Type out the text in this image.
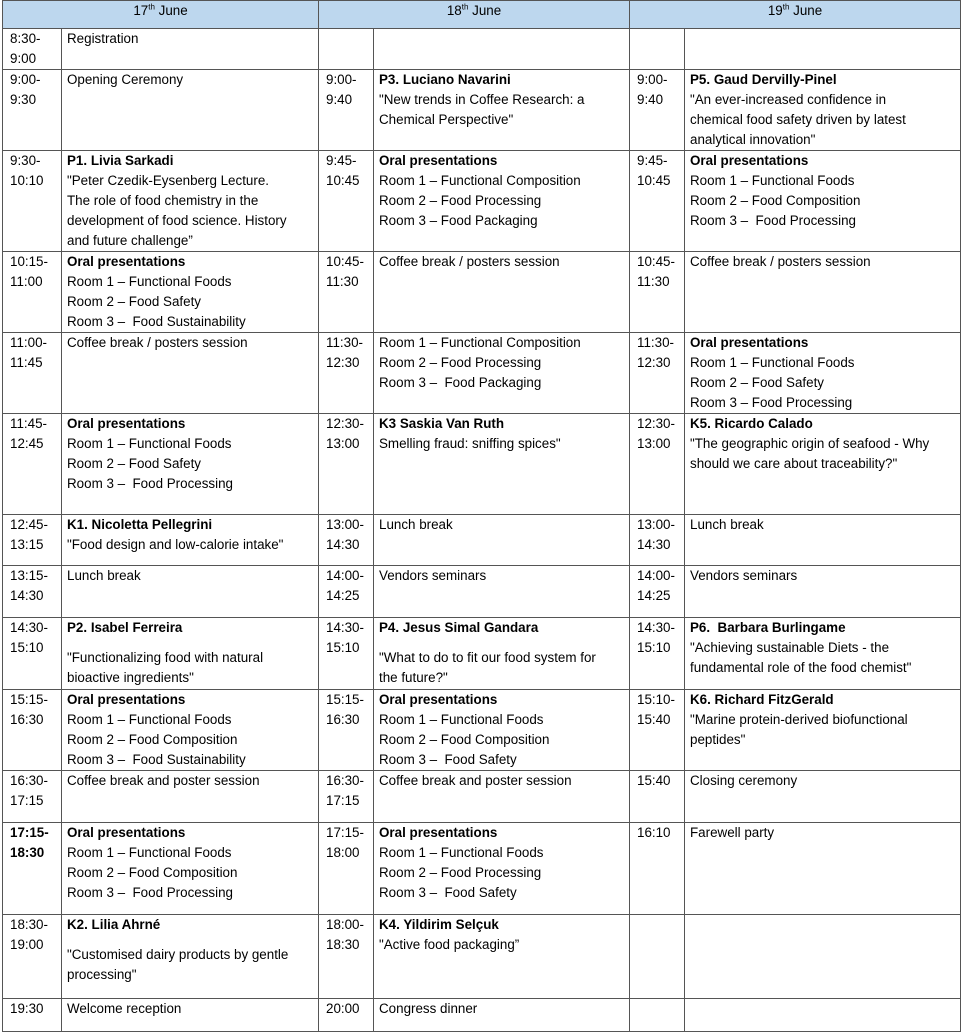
17th June		18th June		19th June	

8:30-
9:00	Registration				

9:00-
9:30	Opening Ceremony	9:00-
9:40	P3. Luciano Navarini
"New trends in Coffee Research: a
Chemical Perspective"	9:00-
9:40	P5. Gaud Dervilly-Pinel
"An ever-increased confidence in
chemical food safety driven by latest
analytical innovation"

9:30-
10:10	P1. Livia Sarkadi
"Peter Czedik-Eysenberg Lecture.
The role of food chemistry in the
development of food science. History
and future challenge”	9:45-
10:45	Oral presentations
Room 1 – Functional Composition
Room 2 – Food Processing
Room 3 – Food Packaging	9:45-
10:45	Oral presentations
Room 1 – Functional Foods
Room 2 – Food Composition
Room 3 –  Food Processing

10:15-
11:00	Oral presentations
Room 1 – Functional Foods
Room 2 – Food Safety
Room 3 –  Food Sustainability	10:45-
11:30	Coffee break / posters session	10:45-
11:30	Coffee break / posters session

11:00-
11:45	Coffee break / posters session	11:30-
12:30	Room 1 – Functional Composition
Room 2 – Food Processing
Room 3 –  Food Packaging	11:30-
12:30	Oral presentations
Room 1 – Functional Foods
Room 2 – Food Safety
Room 3 – Food Processing

11:45-
12:45	Oral presentations
Room 1 – Functional Foods
Room 2 – Food Safety
Room 3 –  Food Processing	12:30-
13:00	K3 Saskia Van Ruth
Smelling fraud: sniffing spices"	12:30-
13:00	K5. Ricardo Calado
"The geographic origin of seafood - Why
should we care about traceability?"

12:45-
13:15	K1. Nicoletta Pellegrini
"Food design and low-calorie intake"	13:00-
14:30	Lunch break	13:00-
14:30	Lunch break

13:15-
14:30	Lunch break	14:00-
14:25	Vendors seminars	14:00-
14:25	Vendors seminars

14:30-
15:10	P2. Isabel Ferreira
"Functionalizing food with natural
bioactive ingredients"	14:30-
15:10	P4. Jesus Simal Gandara
"What to do to fit our food system for
the future?"	14:30-
15:10	P6.  Barbara Burlingame
"Achieving sustainable Diets - the
fundamental role of the food chemist"

15:15-
16:30	Oral presentations
Room 1 – Functional Foods
Room 2 – Food Composition
Room 3 –  Food Sustainability	15:15-
16:30	Oral presentations
Room 1 – Functional Foods
Room 2 – Food Composition
Room 3 –  Food Safety	15:10-
15:40	K6. Richard FitzGerald
"Marine protein-derived biofunctional
peptides"

16:30-
17:15	Coffee break and poster session	16:30-
17:15	Coffee break and poster session	15:40	Closing ceremony

17:15-
18:30	Oral presentations
Room 1 – Functional Foods
Room 2 – Food Composition
Room 3 –  Food Processing	17:15-
18:00	Oral presentations
Room 1 – Functional Foods
Room 2 – Food Processing
Room 3 –  Food Safety	16:10	Farewell party

18:30-
19:00	K2. Lilia Ahrné
"Customised dairy products by gentle
processing"	18:00-
18:30	K4. Yildirim Selçuk
"Active food packaging”		

19:30	Welcome reception	20:00	Congress dinner		
